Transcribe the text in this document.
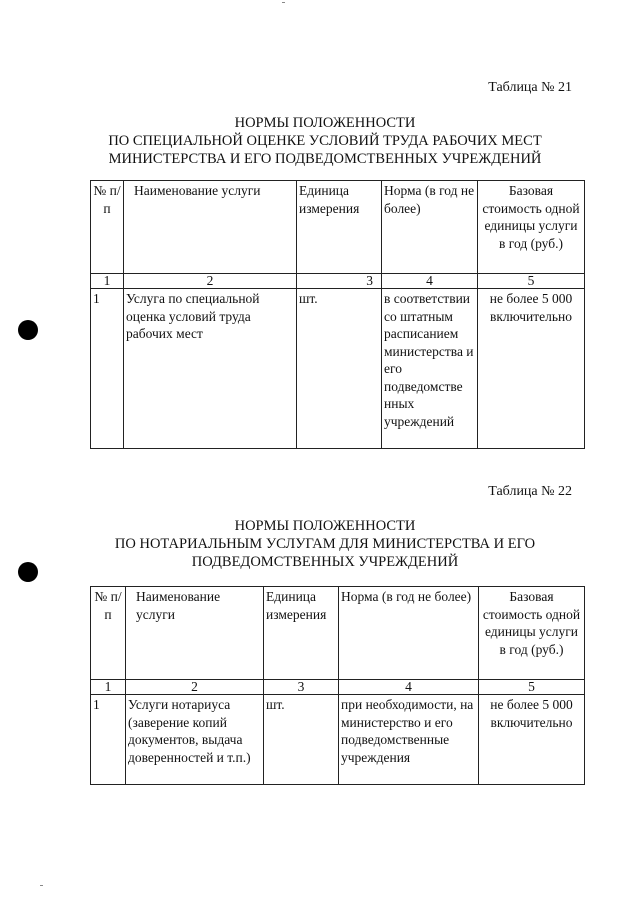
Таблица № 21
НОРМЫ ПОЛОЖЕННОСТИ
ПО СПЕЦИАЛЬНОЙ ОЦЕНКЕ УСЛОВИЙ ТРУДА РАБОЧИХ МЕСТ
МИНИСТЕРСТВА И ЕГО ПОДВЕДОМСТВЕННЫХ УЧРЕЖДЕНИЙ
№ п/п	Наименование услуги	Единица измерения	Норма (в год не более)	Базовая стоимость одной единицы услуги в год (руб.)
1	2	3	4	5
1	Услуга по специальной оценка условий труда рабочих мест	шт.	в соответствии со штатным расписанием министерства и его подведомстве нных учреждений	не более 5 000 включительно
Таблица № 22
НОРМЫ ПОЛОЖЕННОСТИ
ПО НОТАРИАЛЬНЫМ УСЛУГАМ ДЛЯ МИНИСТЕРСТВА И ЕГО
ПОДВЕДОМСТВЕННЫХ УЧРЕЖДЕНИЙ
№ п/п	Наименование услуги	Единица измерения	Норма (в год не более)	Базовая стоимость одной единицы услуги в год (руб.)
1	2	3	4	5
1	Услуги нотариуса (заверение копий документов, выдача доверенностей и т.п.)	шт.	при необходимости, на министерство и его подведомственные учреждения	не более 5 000 включительно
